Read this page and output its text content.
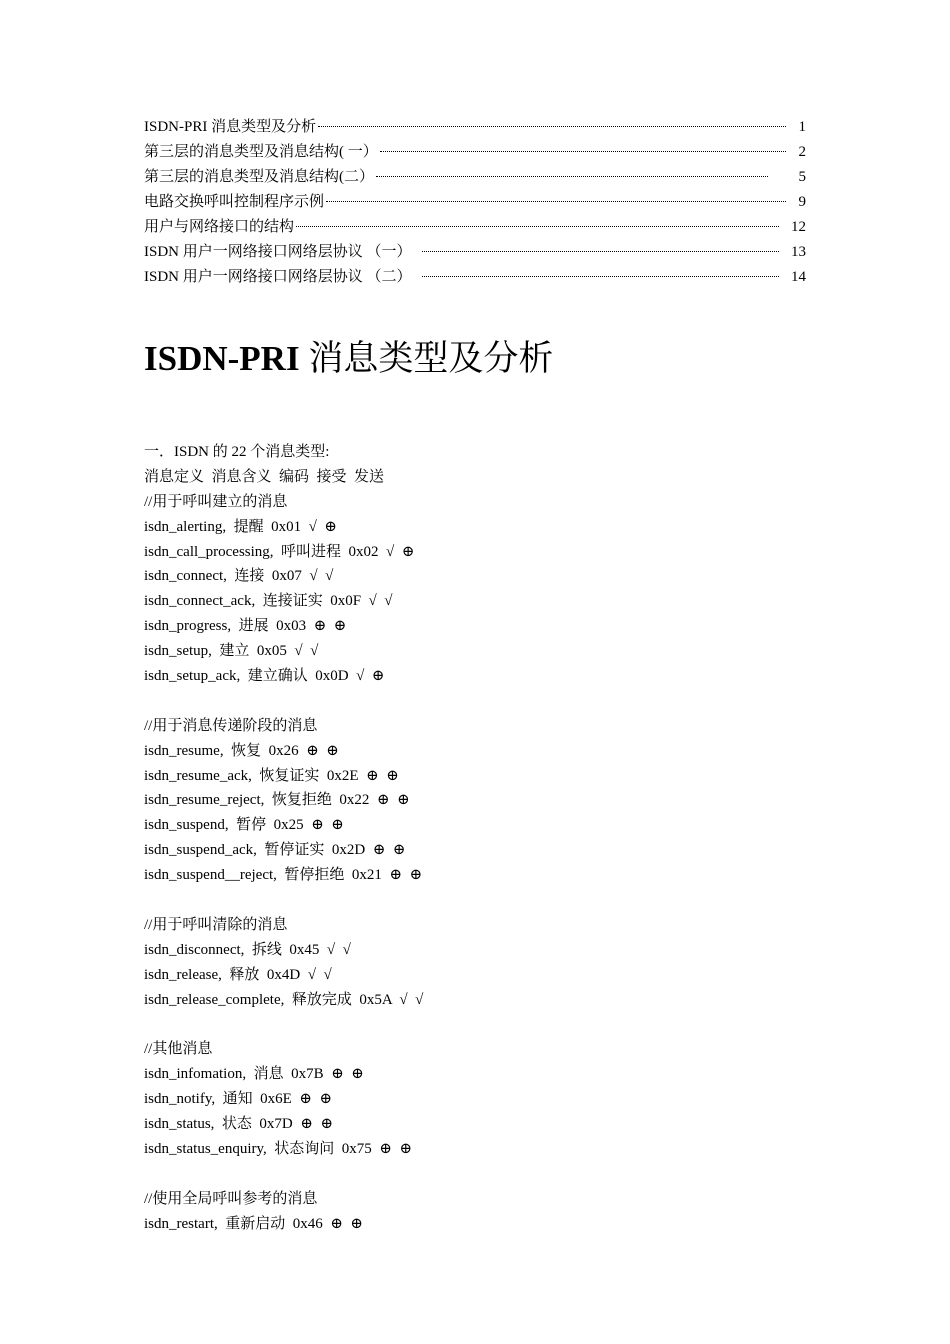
ISDN-PRI 消息类型及分析	1
第三层的消息类型及消息结构( 一）	2
第三层的消息类型及消息结构(二）	5
电路交换呼叫控制程序示例	9
用户与网络接口的结构	12
ISDN 用户一网络接口网络层协议 （一）	13
ISDN 用户一网络接口网络层协议 （二）	14
ISDN-PRI 消息类型及分析
一．ISDN 的 22 个消息类型:
消息定义  消息含义  编码  接受  发送
//用于呼叫建立的消息
isdn_alerting,  提醒  0x01  √  ⊕
isdn_call_processing,  呼叫进程  0x02  √  ⊕
isdn_connect,  连接  0x07  √  √
isdn_connect_ack,  连接证实  0x0F  √  √
isdn_progress,  进展  0x03  ⊕  ⊕
isdn_setup,  建立  0x05  √  √
isdn_setup_ack,  建立确认  0x0D  √  ⊕
//用于消息传递阶段的消息
isdn_resume,  恢复  0x26  ⊕  ⊕
isdn_resume_ack,  恢复证实  0x2E  ⊕  ⊕
isdn_resume_reject,  恢复拒绝  0x22  ⊕  ⊕
isdn_suspend,  暂停  0x25  ⊕  ⊕
isdn_suspend_ack,  暂停证实  0x2D  ⊕  ⊕
isdn_suspend__reject,  暂停拒绝  0x21  ⊕  ⊕
//用于呼叫清除的消息
isdn_disconnect,  拆线  0x45  √  √
isdn_release,  释放  0x4D  √  √
isdn_release_complete,  释放完成  0x5A  √  √
//其他消息
isdn_infomation,  消息  0x7B  ⊕  ⊕
isdn_notify,  通知  0x6E  ⊕  ⊕
isdn_status,  状态  0x7D  ⊕  ⊕
isdn_status_enquiry,  状态询问  0x75  ⊕  ⊕
//使用全局呼叫参考的消息
isdn_restart,  重新启动  0x46  ⊕  ⊕
